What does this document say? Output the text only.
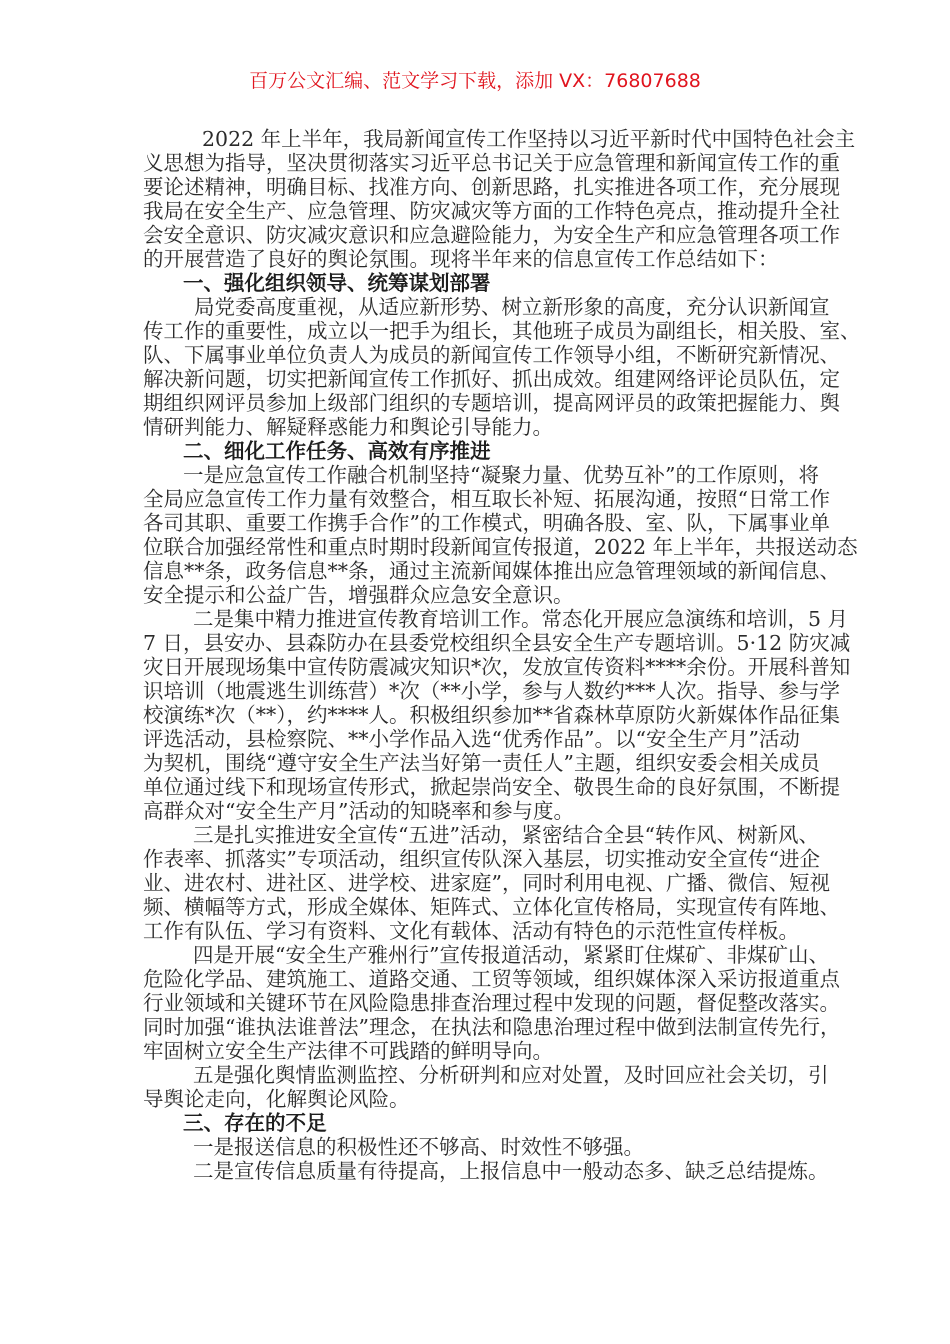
百万公文汇编、范文学习下载，添加 VX：76807688
2022 年上半年，我局新闻宣传工作坚持以习近平新时代中国特色社会主
义思想为指导，坚决贯彻落实习近平总书记关于应急管理和新闻宣传工作的重
要论述精神，明确目标、找准方向、创新思路，扎实推进各项工作，充分展现
我局在安全生产、应急管理、防灾减灾等方面的工作特色亮点，推动提升全社
会安全意识、防灾减灾意识和应急避险能力，为安全生产和应急管理各项工作
的开展营造了良好的舆论氛围。现将半年来的信息宣传工作总结如下：
一、强化组织领导、统筹谋划部署
局党委高度重视，从适应新形势、树立新形象的高度，充分认识新闻宣
传工作的重要性，成立以一把手为组长，其他班子成员为副组长，相关股、室、
队、下属事业单位负责人为成员的新闻宣传工作领导小组，不断研究新情况、
解决新问题，切实把新闻宣传工作抓好、抓出成效。组建网络评论员队伍，定
期组织网评员参加上级部门组织的专题培训，提高网评员的政策把握能力、舆
情研判能力、解疑释惑能力和舆论引导能力。
二、细化工作任务、高效有序推进
一是应急宣传工作融合机制坚持“凝聚力量、优势互补”的工作原则，将
全局应急宣传工作力量有效整合，相互取长补短、拓展沟通，按照“日常工作
各司其职、重要工作携手合作”的工作模式，明确各股、室、队，下属事业单
位联合加强经常性和重点时期时段新闻宣传报道，2022 年上半年，共报送动态
信息**条，政务信息**条，通过主流新闻媒体推出应急管理领域的新闻信息、
安全提示和公益广告，增强群众应急安全意识。
二是集中精力推进宣传教育培训工作。常态化开展应急演练和培训，5 月
7 日，县安办、县森防办在县委党校组织全县安全生产专题培训。5·12 防灾减
灾日开展现场集中宣传防震减灾知识*次，发放宣传资料****余份。开展科普知
识培训（地震逃生训练营）*次（**小学，参与人数约***人次。指导、参与学
校演练*次（**），约****人。积极组织参加**省森林草原防火新媒体作品征集
评选活动，县检察院、**小学作品入选“优秀作品”。以“安全生产月”活动
为契机，围绕“遵守安全生产法当好第一责任人”主题，组织安委会相关成员
单位通过线下和现场宣传形式，掀起崇尚安全、敬畏生命的良好氛围，不断提
高群众对“安全生产月”活动的知晓率和参与度。
三是扎实推进安全宣传“五进”活动，紧密结合全县“转作风、树新风、
作表率、抓落实”专项活动，组织宣传队深入基层，切实推动安全宣传“进企
业、进农村、进社区、进学校、进家庭”，同时利用电视、广播、微信、短视
频、横幅等方式，形成全媒体、矩阵式、立体化宣传格局，实现宣传有阵地、
工作有队伍、学习有资料、文化有载体、活动有特色的示范性宣传样板。
四是开展“安全生产雅州行”宣传报道活动，紧紧盯住煤矿、非煤矿山、
危险化学品、建筑施工、道路交通、工贸等领域，组织媒体深入采访报道重点
行业领域和关键环节在风险隐患排查治理过程中发现的问题，督促整改落实。
同时加强“谁执法谁普法”理念，在执法和隐患治理过程中做到法制宣传先行，
牢固树立安全生产法律不可践踏的鲜明导向。
五是强化舆情监测监控、分析研判和应对处置，及时回应社会关切，引
导舆论走向，化解舆论风险。
三、存在的不足
一是报送信息的积极性还不够高、时效性不够强。
二是宣传信息质量有待提高，上报信息中一般动态多、缺乏总结提炼。
